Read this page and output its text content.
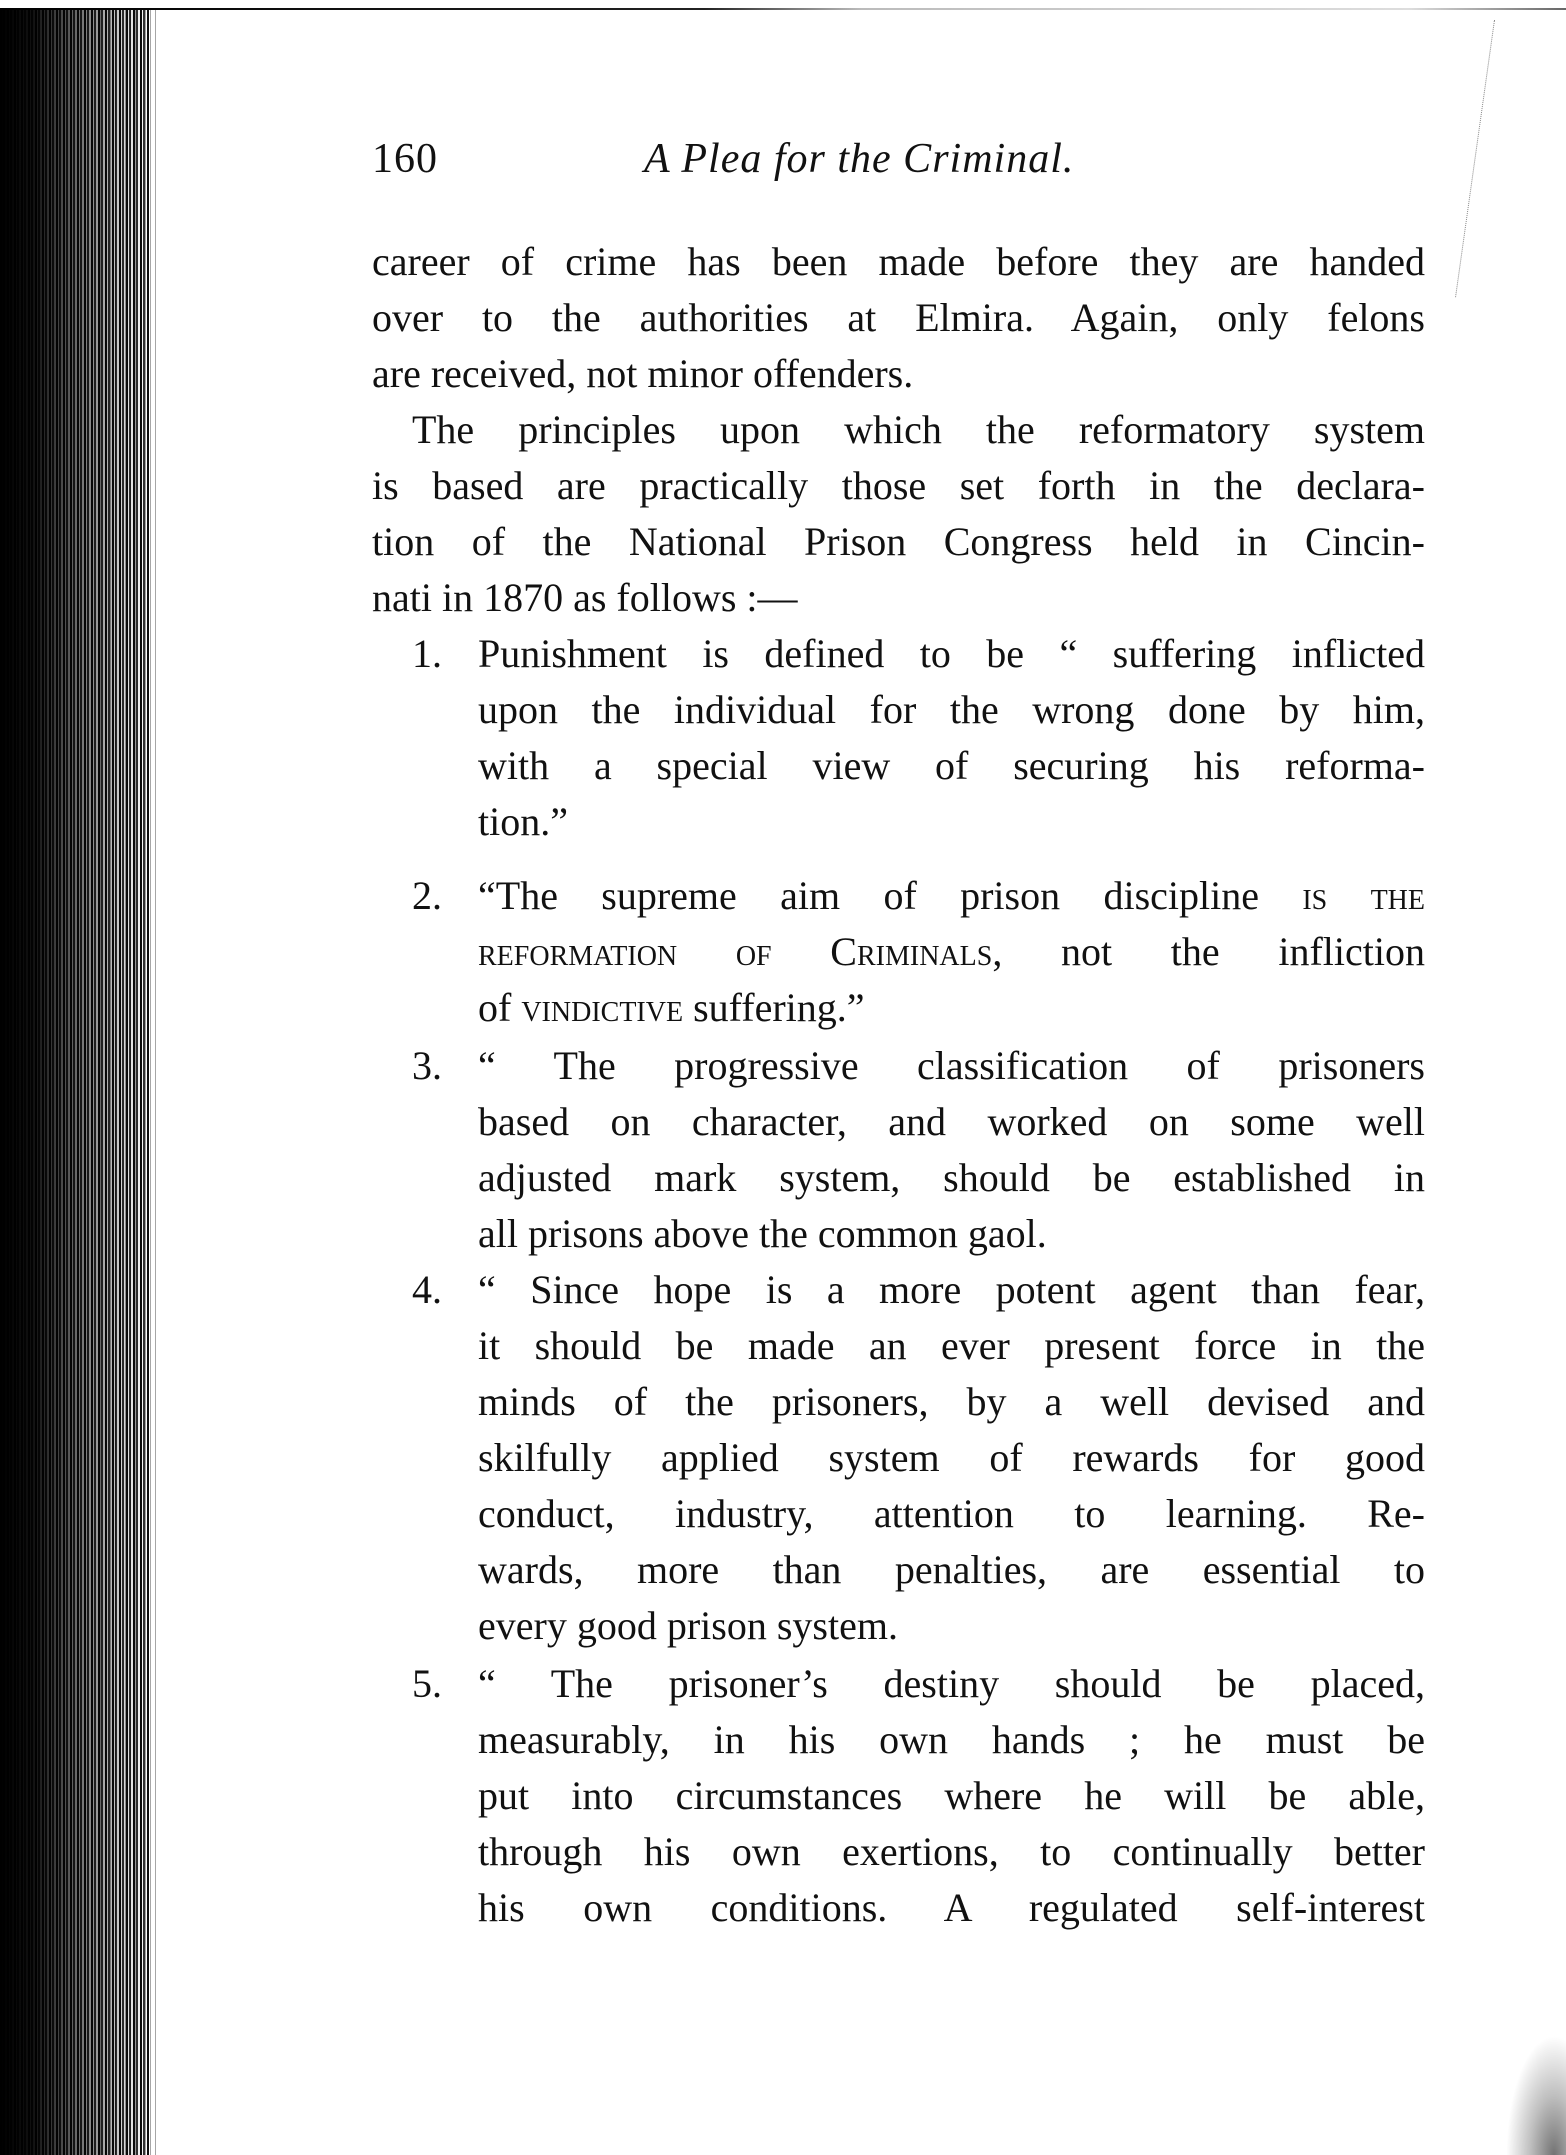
160	A Plea for the Criminal.
career of crime has been made before they are handed
over to the authorities at Elmira. Again, only felons
are received, not minor offenders.
The principles upon which the reformatory system
is based are practically those set forth in the declara-
tion of the National Prison Congress held in Cincin-
nati in 1870 as follows :—
1. Punishment is defined to be “ suffering inflicted
upon the individual for the wrong done by him,
with a special view of securing his reforma-
tion.”
2. “The supreme aim of prison discipline is the
reformation of Criminals, not the infliction
of vindictive suffering.”
3. “ The progressive classification of prisoners
based on character, and worked on some well
adjusted mark system, should be established in
all prisons above the common gaol.
4. “ Since hope is a more potent agent than fear,
it should be made an ever present force in the
minds of the prisoners, by a well devised and
skilfully applied system of rewards for good
conduct, industry, attention to learning. Re-
wards, more than penalties, are essential to
every good prison system.
5. “ The prisoner’s destiny should be placed,
measurably, in his own hands ; he must be
put into circumstances where he will be able,
through his own exertions, to continually better
his own conditions. A regulated self-interest
